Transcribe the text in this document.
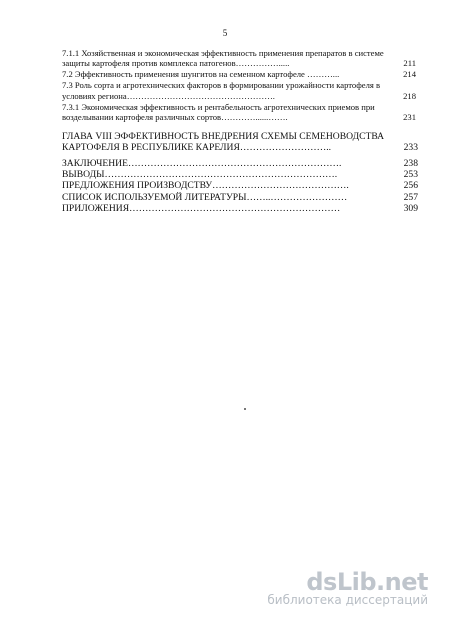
5
7.1.1 Хозяйственная и экономическая эффективность применения препаратов в системе защиты картофеля против комплекса патогенов…………….....	211
7.2 Эффективность применения шунгитов на семенном картофеле ………...	214
7.3 Роль сорта и агротехнических факторов в формировании урожайности картофеля в условиях региона…………………………………………….	218
7.3.1 Экономическая эффективность и рентабельность агротехнических приемов при возделывании картофеля различных сортов…………......…….	231
ГЛАВА VIII ЭФФЕКТИВНОСТЬ ВНЕДРЕНИЯ СХЕМЫ СЕМЕНОВОДСТВА КАРТОФЕЛЯ В РЕСПУБЛИКЕ КАРЕЛИЯ………………………..	233
ЗАКЛЮЧЕНИЕ………………………………………………………….	238
ВЫВОДЫ……………………………………………………………….	253
ПРЕДЛОЖЕНИЯ ПРОИЗВОДСТВУ…………………………………….	256
СПИСОК ИСПОЛЬЗУЕМОЙ ЛИТЕРАТУРЫ……..……………………	257
ПРИЛОЖЕНИЯ…………………………………………………………	309
dsLib.net
библиотека диссертаций
